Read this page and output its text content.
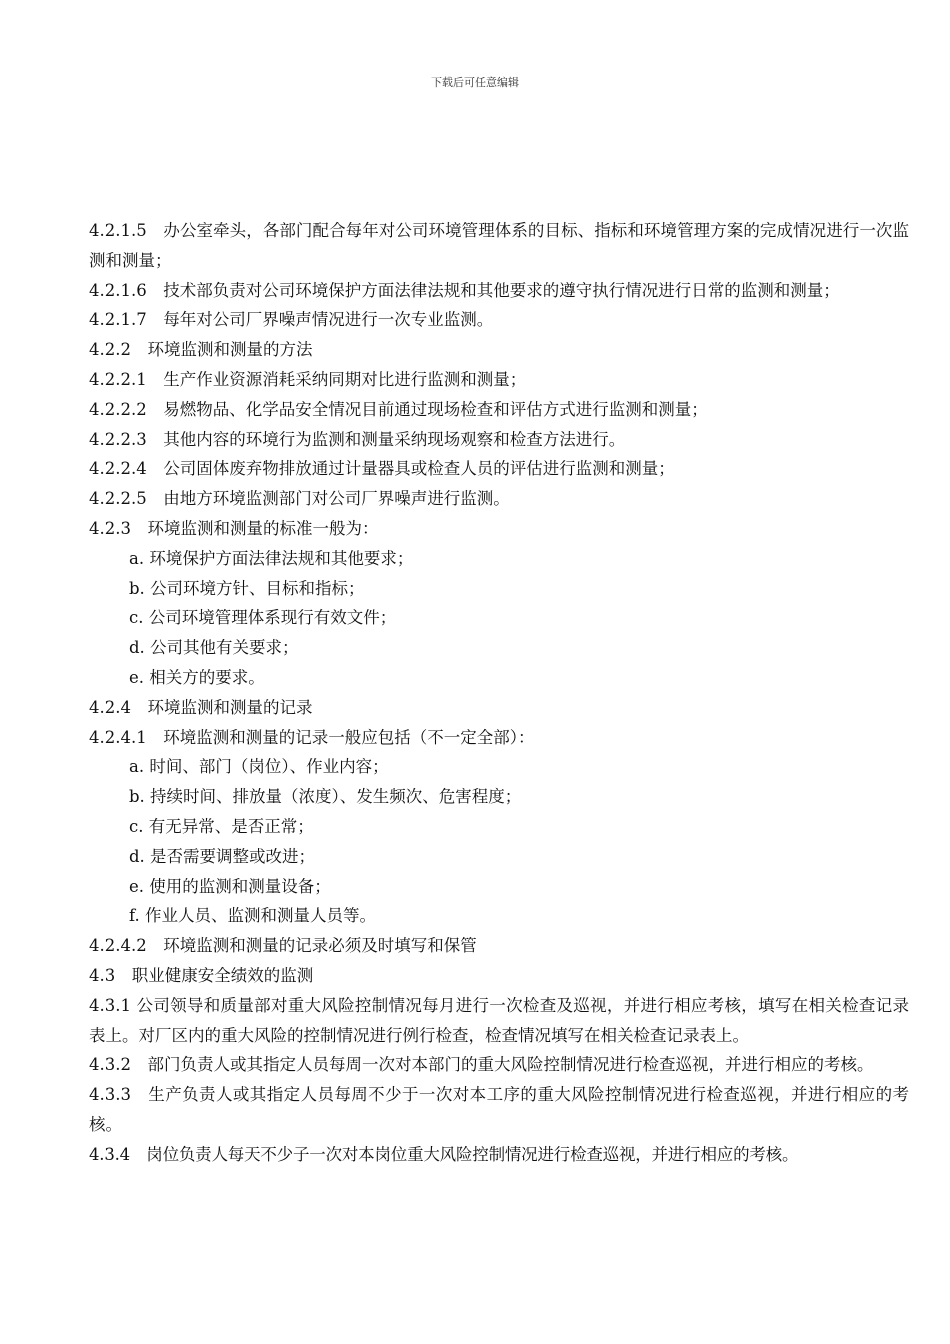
下载后可任意编辑

4.2.1.5　办公室牵头，各部门配合每年对公司环境管理体系的目标、指标和环境管理方案的完成情况进行一次监测和测量；

4.2.1.6　技术部负责对公司环境保护方面法律法规和其他要求的遵守执行情况进行日常的监测和测量；

4.2.1.7　每年对公司厂界噪声情况进行一次专业监测。

4.2.2　环境监测和测量的方法

4.2.2.1　生产作业资源消耗采纳同期对比进行监测和测量；

4.2.2.2　易燃物品、化学品安全情况目前通过现场检查和评估方式进行监测和测量；

4.2.2.3　其他内容的环境行为监测和测量采纳现场观察和检查方法进行。

4.2.2.4　公司固体废弃物排放通过计量器具或检查人员的评估进行监测和测量；

4.2.2.5　由地方环境监测部门对公司厂界噪声进行监测。

4.2.3　环境监测和测量的标准一般为：

a. 环境保护方面法律法规和其他要求；

b. 公司环境方针、目标和指标；

c. 公司环境管理体系现行有效文件；

d. 公司其他有关要求；

e. 相关方的要求。

4.2.4　环境监测和测量的记录

4.2.4.1　环境监测和测量的记录一般应包括（不一定全部）：

a. 时间、部门（岗位）、作业内容；

b. 持续时间、排放量（浓度）、发生频次、危害程度；

c. 有无异常、是否正常；

d. 是否需要调整或改进；

e. 使用的监测和测量设备；

f. 作业人员、监测和测量人员等。

4.2.4.2　环境监测和测量的记录必须及时填写和保管

4.3　职业健康安全绩效的监测

4.3.1 公司领导和质量部对重大风险控制情况每月进行一次检查及巡视，并进行相应考核，填写在相关检查记录表上。对厂区内的重大风险的控制情况进行例行检查，检查情况填写在相关检查记录表上。

4.3.2　部门负责人或其指定人员每周一次对本部门的重大风险控制情况进行检查巡视，并进行相应的考核。

4.3.3　生产负责人或其指定人员每周不少于一次对本工序的重大风险控制情况进行检查巡视，并进行相应的考核。

4.3.4　岗位负责人每天不少子一次对本岗位重大风险控制情况进行检查巡视，并进行相应的考核。
